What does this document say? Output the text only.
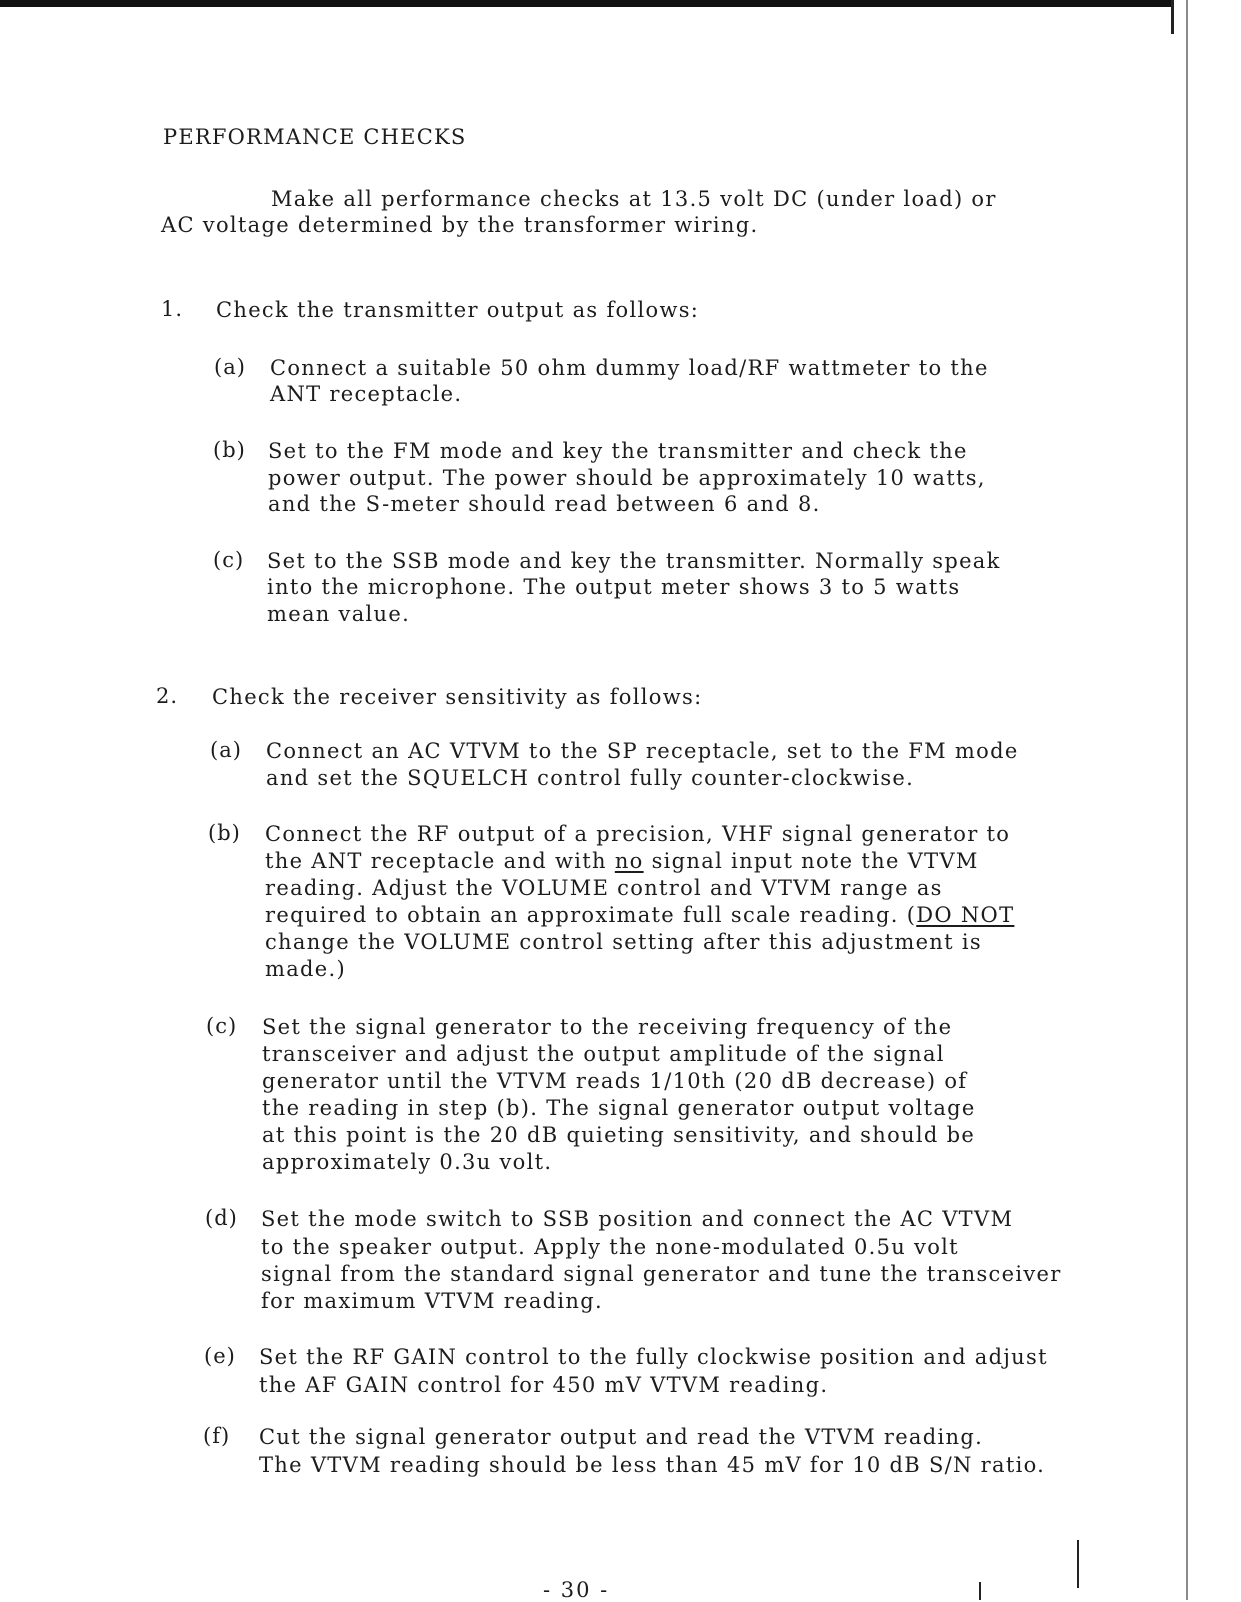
PERFORMANCE CHECKS
Make all performance checks at 13.5 volt DC (under load) or
AC voltage determined by the transformer wiring.
1. Check the transmitter output as follows:
(a) Connect a suitable 50 ohm dummy load/RF wattmeter to the
ANT receptacle.
(b) Set to the FM mode and key the transmitter and check the
power output. The power should be approximately 10 watts,
and the S-meter should read between 6 and 8.
(c) Set to the SSB mode and key the transmitter. Normally speak
into the microphone. The output meter shows 3 to 5 watts
mean value.
2. Check the receiver sensitivity as follows:
(a) Connect an AC VTVM to the SP receptacle, set to the FM mode
and set the SQUELCH control fully counter-clockwise.
(b) Connect the RF output of a precision, VHF signal generator to
the ANT receptacle and with no signal input note the VTVM
reading. Adjust the VOLUME control and VTVM range as
required to obtain an approximate full scale reading. (DO NOT
change the VOLUME control setting after this adjustment is
made.)
(c) Set the signal generator to the receiving frequency of the
transceiver and adjust the output amplitude of the signal
generator until the VTVM reads 1/10th (20 dB decrease) of
the reading in step (b). The signal generator output voltage
at this point is the 20 dB quieting sensitivity, and should be
approximately 0.3u volt.
(d) Set the mode switch to SSB position and connect the AC VTVM
to the speaker output. Apply the none-modulated 0.5u volt
signal from the standard signal generator and tune the transceiver
for maximum VTVM reading.
(e) Set the RF GAIN control to the fully clockwise position and adjust
the AF GAIN control for 450 mV VTVM reading.
(f) Cut the signal generator output and read the VTVM reading.
The VTVM reading should be less than 45 mV for 10 dB S/N ratio.
- 30 -
